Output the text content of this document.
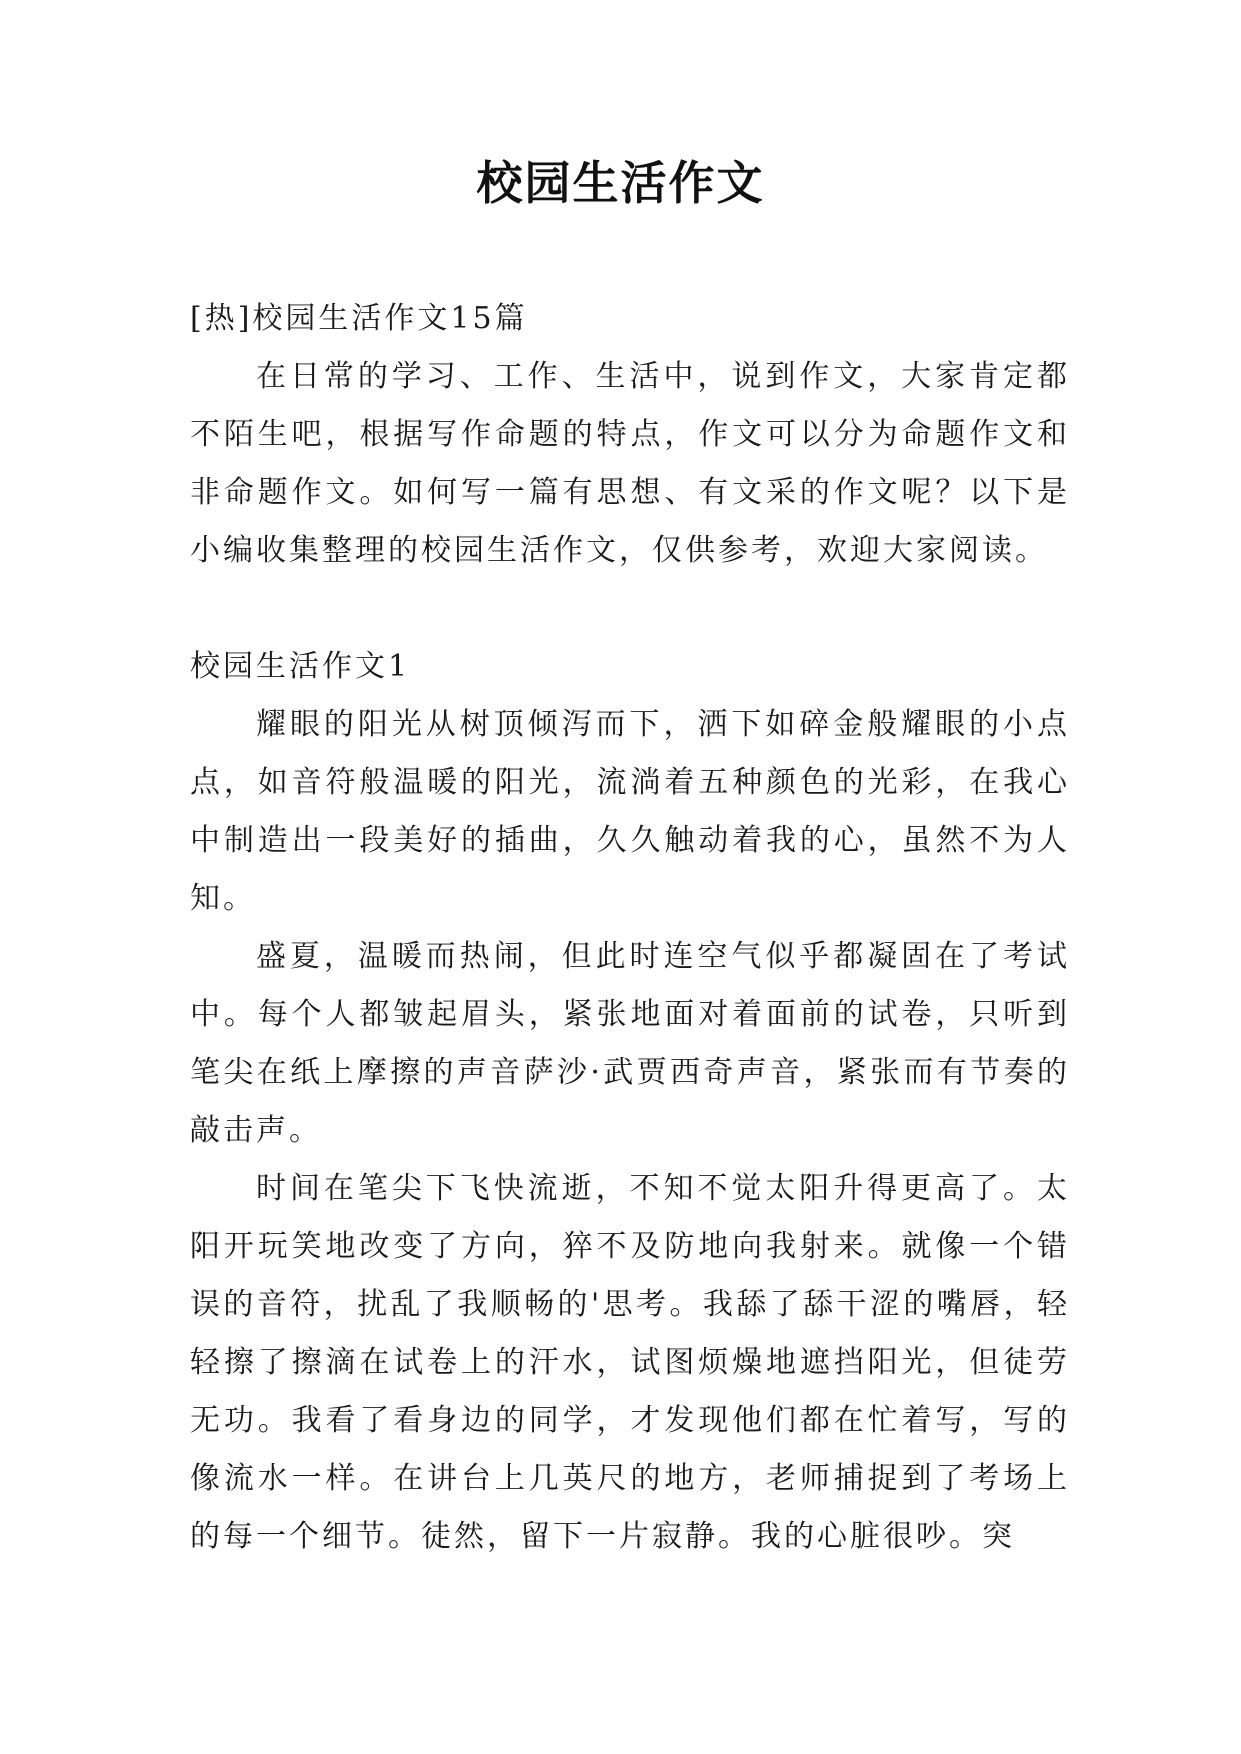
校园生活作文

[热]校园生活作文15篇

在日常的学习、工作、生活中，说到作文，大家肯定都不陌生吧，根据写作命题的特点，作文可以分为命题作文和非命题作文。如何写一篇有思想、有文采的作文呢？以下是小编收集整理的校园生活作文，仅供参考，欢迎大家阅读。

校园生活作文1

耀眼的阳光从树顶倾泻而下，洒下如碎金般耀眼的小点点，如音符般温暖的阳光，流淌着五种颜色的光彩，在我心中制造出一段美好的插曲，久久触动着我的心，虽然不为人知。

盛夏，温暖而热闹，但此时连空气似乎都凝固在了考试中。每个人都皱起眉头，紧张地面对着面前的试卷，只听到笔尖在纸上摩擦的声音萨沙·武贾西奇声音，紧张而有节奏的敲击声。

时间在笔尖下飞快流逝，不知不觉太阳升得更高了。太阳开玩笑地改变了方向，猝不及防地向我射来。就像一个错误的音符，扰乱了我顺畅的'思考。我舔了舔干涩的嘴唇，轻轻擦了擦滴在试卷上的汗水，试图烦燥地遮挡阳光，但徒劳无功。我看了看身边的同学，才发现他们都在忙着写，写的像流水一样。在讲台上几英尺的地方，老师捕捉到了考场上的每一个细节。徒然，留下一片寂静。我的心脏很吵。突
